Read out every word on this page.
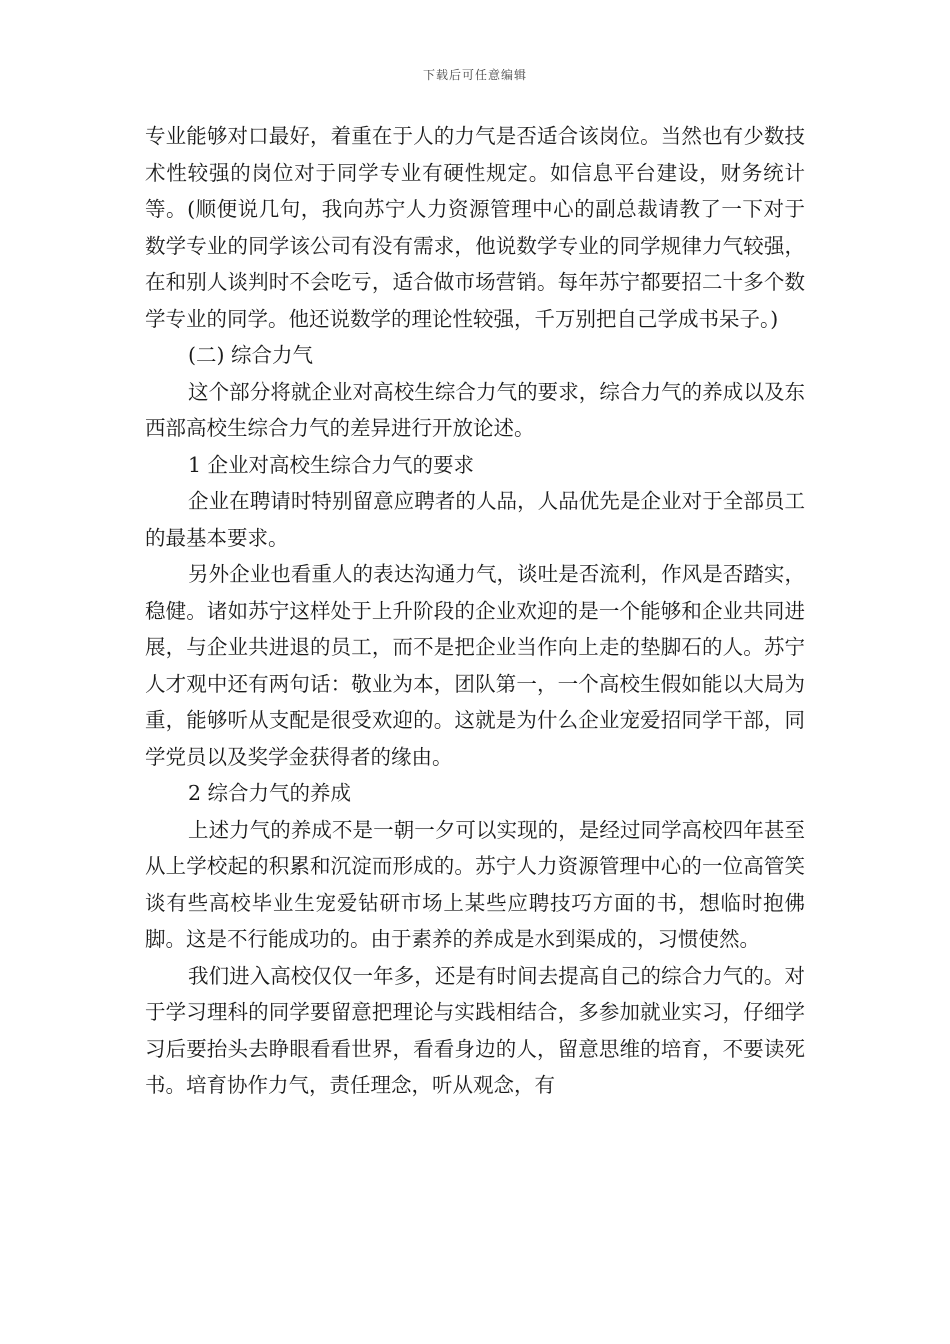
下载后可任意编辑

专业能够对口最好，着重在于人的力气是否适合该岗位。当然也有少数技术性较强的岗位对于同学专业有硬性规定。如信息平台建设，财务统计等。(顺便说几句，我向苏宁人力资源管理中心的副总裁请教了一下对于数学专业的同学该公司有没有需求，他说数学专业的同学规律力气较强，在和别人谈判时不会吃亏，适合做市场营销。每年苏宁都要招二十多个数学专业的同学。他还说数学的理论性较强，千万别把自己学成书呆子。)

(二) 综合力气

这个部分将就企业对高校生综合力气的要求，综合力气的养成以及东西部高校生综合力气的差异进行开放论述。

1 企业对高校生综合力气的要求

企业在聘请时特别留意应聘者的人品，人品优先是企业对于全部员工的最基本要求。

另外企业也看重人的表达沟通力气，谈吐是否流利，作风是否踏实，稳健。诸如苏宁这样处于上升阶段的企业欢迎的是一个能够和企业共同进展，与企业共进退的员工，而不是把企业当作向上走的垫脚石的人。苏宁人才观中还有两句话：敬业为本，团队第一，一个高校生假如能以大局为重，能够听从支配是很受欢迎的。这就是为什么企业宠爱招同学干部，同学党员以及奖学金获得者的缘由。

2 综合力气的养成

上述力气的养成不是一朝一夕可以实现的，是经过同学高校四年甚至从上学校起的积累和沉淀而形成的。苏宁人力资源管理中心的一位高管笑谈有些高校毕业生宠爱钻研市场上某些应聘技巧方面的书，想临时抱佛脚。这是不行能成功的。由于素养的养成是水到渠成的，习惯使然。

我们进入高校仅仅一年多，还是有时间去提高自己的综合力气的。对于学习理科的同学要留意把理论与实践相结合，多参加就业实习，仔细学习后要抬头去睁眼看看世界，看看身边的人，留意思维的培育，不要读死书。培育协作力气，责任理念，听从观念，有
